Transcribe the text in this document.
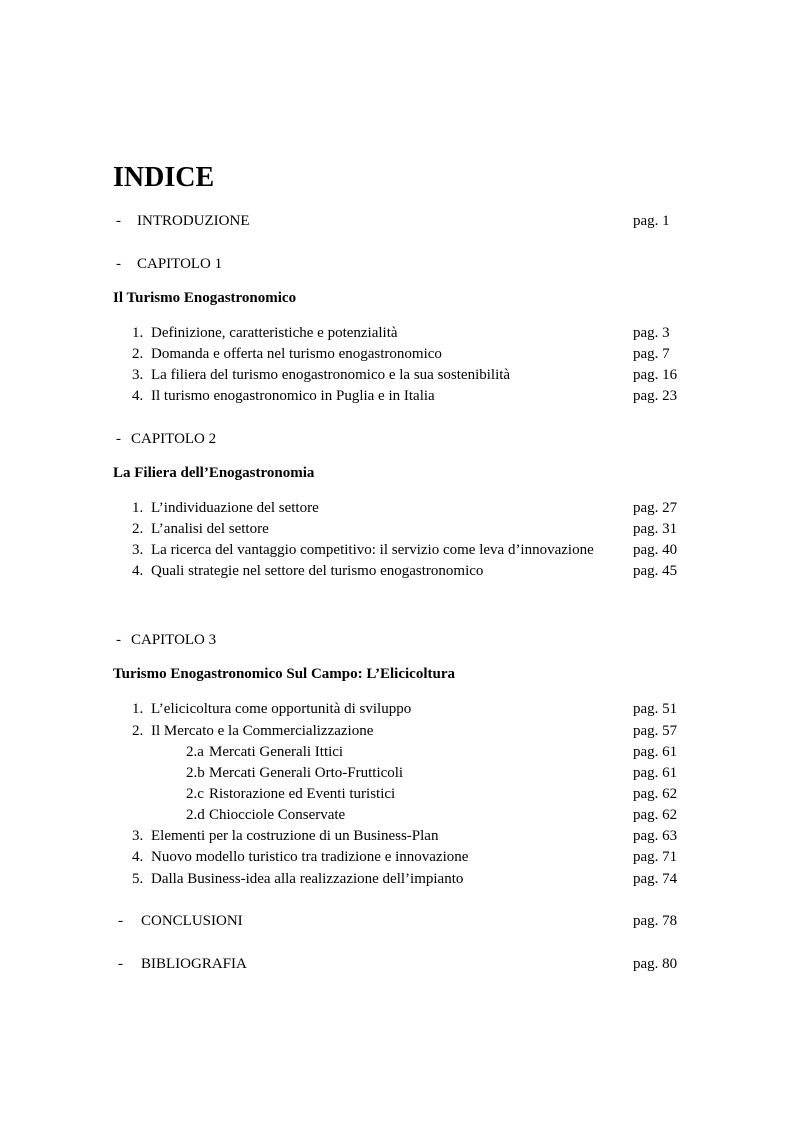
INDICE
- INTRODUZIONE	pag. 1
- CAPITOLO 1
Il Turismo Enogastronomico
1. Definizione, caratteristiche e potenzialità	pag. 3
2. Domanda e offerta nel turismo enogastronomico	pag. 7
3. La filiera del turismo enogastronomico e la sua sostenibilità	pag. 16
4. Il turismo enogastronomico in Puglia e in Italia	pag. 23
- CAPITOLO 2
La Filiera dell’Enogastronomia
1. L’individuazione del settore	pag. 27
2. L’analisi del settore	pag. 31
3. La ricerca del vantaggio competitivo: il servizio come leva d’innovazione	pag. 40
4. Quali strategie nel settore del turismo enogastronomico	pag. 45
- CAPITOLO 3
Turismo Enogastronomico Sul Campo: L’Elicicoltura
1. L’elicicoltura come opportunità di sviluppo	pag. 51
2. Il Mercato e la Commercializzazione	pag. 57
2.a Mercati Generali Ittici	pag. 61
2.b Mercati Generali Orto-Frutticoli	pag. 61
2.c Ristorazione ed Eventi turistici	pag. 62
2.d Chiocciole Conservate	pag. 62
3. Elementi per la costruzione di un Business-Plan	pag. 63
4. Nuovo modello turistico tra tradizione e innovazione	pag. 71
5. Dalla Business-idea alla realizzazione dell’impianto	pag. 74
- CONCLUSIONI	pag. 78
- BIBLIOGRAFIA	pag. 80
